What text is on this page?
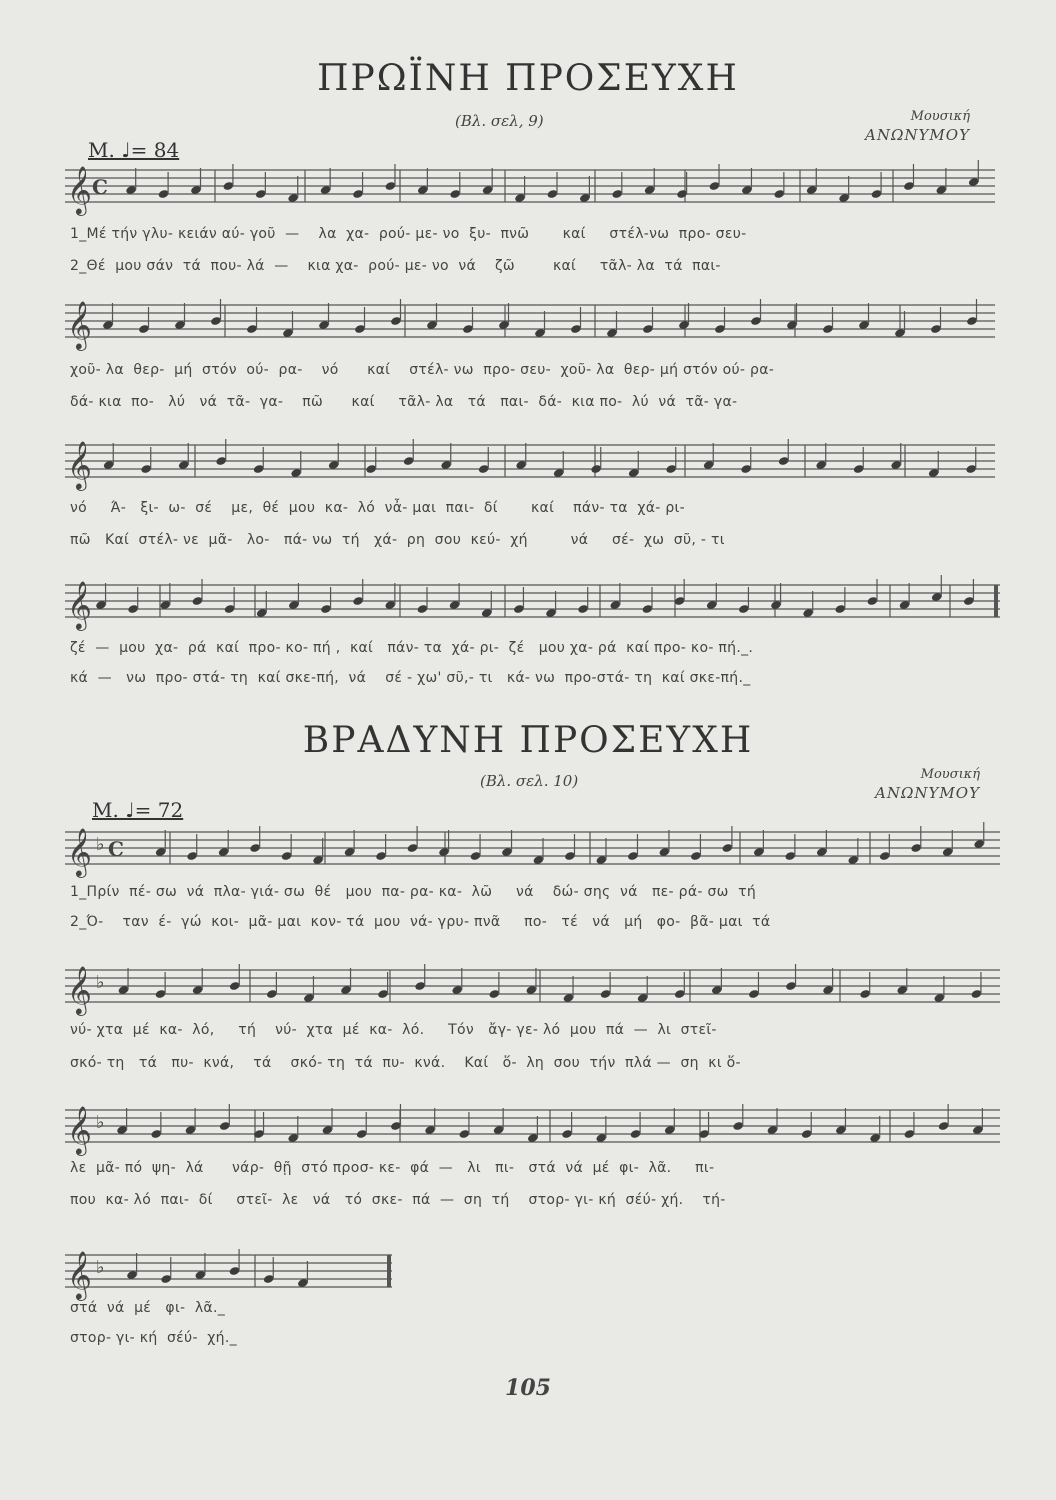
ΠΡΩΪΝΗ ΠΡΟΣΕΥΧΗ
(Βλ. σελ, 9)	Μουσική
ΑΝΩΝΥΜΟΥ
Μ. ♩= 84
𝄞 C
1_Μέ τήν γλυ- κειάν αύ- γοῦ  —    λα  χα-  ρού- με- νο  ξυ-  πνῶ       καί     στέλ-νω  προ- σευ-
2_Θέ  μου σάν  τά  που- λά  —    κια χα-  ρού- με- νο  νά    ζῶ        καί     τᾶλ- λα  τά  παι-
𝄞
χοῦ- λα  θερ-  μή  στόν  ού-  ρα-    νό      καί    στέλ- νω  προ- σευ-  χοῦ- λα  θερ- μή στόν ού- ρα-
δά- κια  πο-   λύ   νά  τᾶ-  γα-    πῶ      καί     τᾶλ- λα   τά   παι-  δά-  κια πο-  λύ  νά  τᾶ- γα-
𝄞
νό     Ά-   ξι-  ω-  σέ    με,  θέ  μου  κα-  λό  νἆ- μαι  παι-  δί       καί    πάν- τα  χά- ρι-
πῶ   Καί  στέλ- νε  μᾶ-   λο-   πά- νω  τή   χά-  ρη  σου  κεύ-  χή         νά     σέ-  χω  σῦ, - τι
𝄞
ζέ  —  μου  χα-  ρά  καί  προ- κο- πή ,  καί   πάν- τα  χά- ρι-  ζέ   μου χα- ρά  καί προ- κο- πή._.
κά  —   νω  προ- στά- τη  καί σκε-πή,  νά    σέ - χω' σῦ,- τι   κά- νω  προ-στά- τη  καί σκε-πή._
ΒΡΑΔΥΝΗ ΠΡΟΣΕΥΧΗ
(Βλ. σελ. 10)	Μουσική
ΑΝΩΝΥΜΟΥ
Μ. ♩= 72
𝄞 ♭ C
1_Πρίν  πέ- σω  νά  πλα- γιά- σω  θέ   μου  πα- ρα- κα-  λῶ     νά    δώ- σης  νά   πε- ρά- σω  τή
2_Ό-    ταν  έ-  γώ  κοι-  μᾶ- μαι  κον- τά  μου  νά- γρυ- πνᾶ     πο-   τέ   νά   μή   φο-  βᾶ- μαι  τά
𝄞 ♭
νύ- χτα  μέ  κα-  λό,     τή    νύ-  χτα  μέ  κα-  λό.     Τόν   ἄγ- γε- λό  μου  πά  —  λι  στεῖ-
σκό- τη   τά   πυ-  κνά,    τά    σκό- τη  τά  πυ-  κνά.    Καί   ὅ-  λη  σου  τήν  πλά —  ση  κι ὅ-
𝄞 ♭
λε  μᾶ- πό  ψη-  λά      νάρ-  θῇ  στό προσ- κε-  φά  —   λι   πι-   στά  νά  μέ  φι-  λᾶ.     πι-
που  κα- λό  παι-  δί     στεῖ-  λε   νά   τό  σκε-  πά  —  ση  τή    στορ- γι- κή  σέύ- χή.    τή-
𝄞 ♭
στά  νά  μέ   φι-  λᾶ._
στορ- γι- κή  σέύ-  χή._
105
